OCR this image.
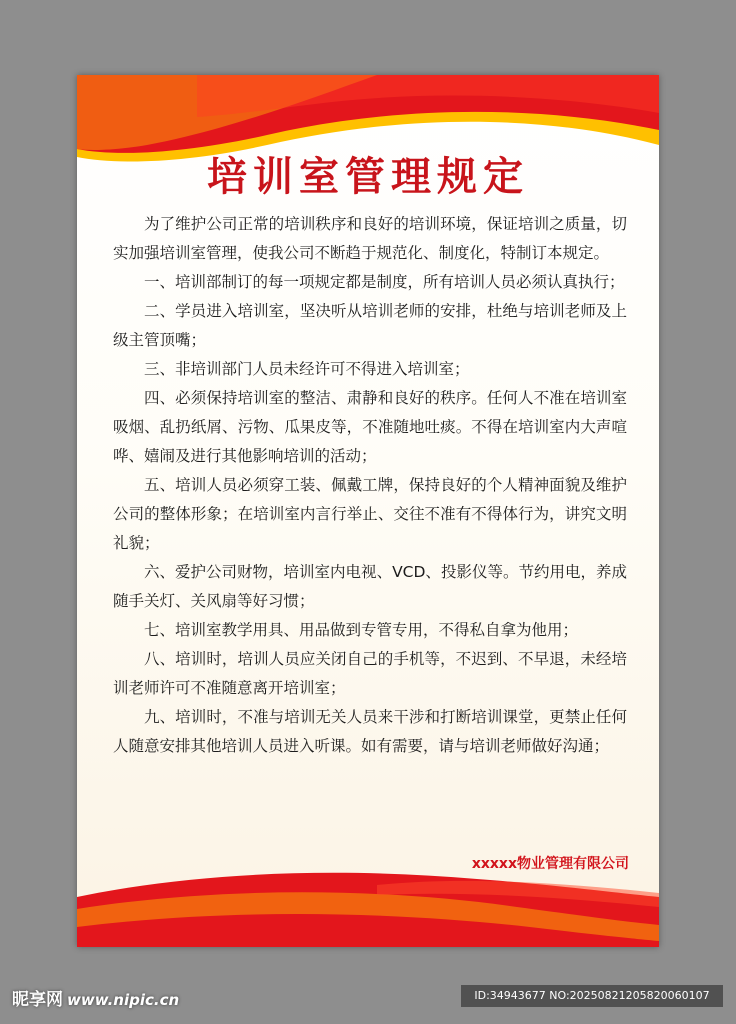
培训室管理规定

为了维护公司正常的培训秩序和良好的培训环境，保证培训之质量，切实加强培训室管理，使我公司不断趋于规范化、制度化，特制订本规定。

一、培训部制订的每一项规定都是制度，所有培训人员必须认真执行；

二、学员进入培训室，坚决听从培训老师的安排，杜绝与培训老师及上级主管顶嘴；

三、非培训部门人员未经许可不得进入培训室；

四、必须保持培训室的整洁、肃静和良好的秩序。任何人不准在培训室吸烟、乱扔纸屑、污物、瓜果皮等，不准随地吐痰。不得在培训室内大声喧哗、嬉闹及进行其他影响培训的活动；

五、培训人员必须穿工装、佩戴工牌，保持良好的个人精神面貌及维护公司的整体形象；在培训室内言行举止、交往不准有不得体行为，讲究文明礼貌；

六、爱护公司财物，培训室内电视、VCD、投影仪等。节约用电，养成随手关灯、关风扇等好习惯；

七、培训室教学用具、用品做到专管专用，不得私自拿为他用；

八、培训时，培训人员应关闭自己的手机等，不迟到、不早退，未经培训老师许可不准随意离开培训室；

九、培训时，不准与培训无关人员来干涉和打断培训课堂，更禁止任何人随意安排其他培训人员进入听课。如有需要，请与培训老师做好沟通；

xxxxx物业管理有限公司
昵享网 www.nipic.cn	ID:34943677 NO:20250821205820060107
